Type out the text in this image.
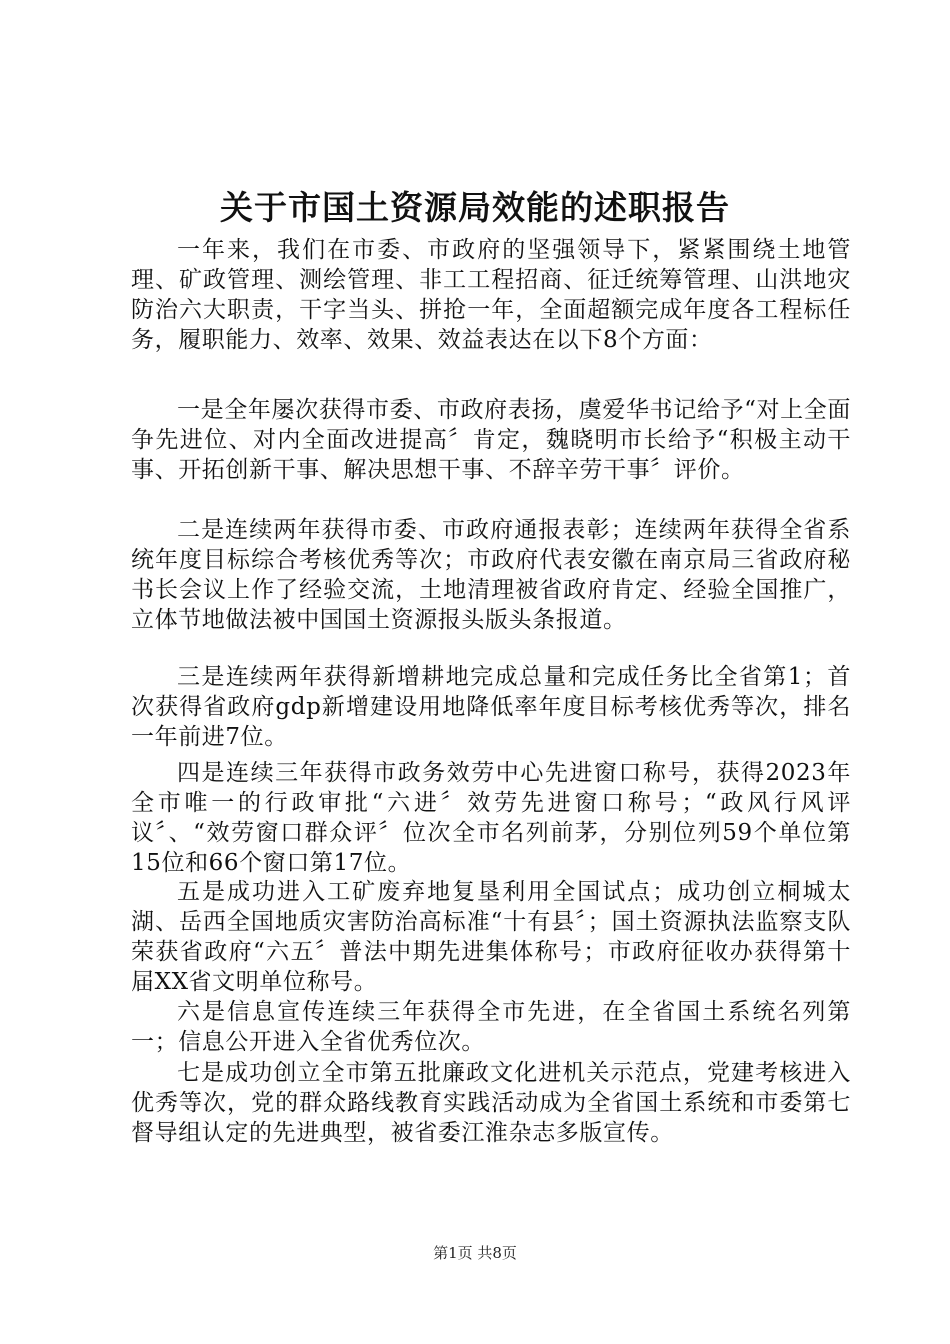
关于市国土资源局效能的述职报告

一年来，我们在市委、市政府的坚强领导下，紧紧围绕土地管理、矿政管理、测绘管理、非工工程招商、征迁统筹管理、山洪地灾防治六大职责，干字当头、拼抢一年，全面超额完成年度各工程标任务，履职能力、效率、效果、效益表达在以下8个方面：

一是全年屡次获得市委、市政府表扬，虞爱华书记给予“对上全面争先进位、对内全面改进提高〞肯定，魏晓明市长给予“积极主动干事、开拓创新干事、解决思想干事、不辞辛劳干事〞评价。

二是连续两年获得市委、市政府通报表彰；连续两年获得全省系统年度目标综合考核优秀等次；市政府代表安徽在南京局三省政府秘书长会议上作了经验交流，土地清理被省政府肯定、经验全国推广，立体节地做法被中国国土资源报头版头条报道。

三是连续两年获得新增耕地完成总量和完成任务比全省第1；首次获得省政府gdp新增建设用地降低率年度目标考核优秀等次，排名一年前进7位。

四是连续三年获得市政务效劳中心先进窗口称号，获得2023年全市唯一的行政审批“六进〞效劳先进窗口称号；“政风行风评议〞、“效劳窗口群众评〞位次全市名列前茅，分别位列59个单位第15位和66个窗口第17位。

五是成功进入工矿废弃地复垦利用全国试点；成功创立桐城太湖、岳西全国地质灾害防治高标准“十有县〞；国土资源执法监察支队荣获省政府“六五〞普法中期先进集体称号；市政府征收办获得第十届XX省文明单位称号。

六是信息宣传连续三年获得全市先进，在全省国土系统名列第一；信息公开进入全省优秀位次。

七是成功创立全市第五批廉政文化进机关示范点，党建考核进入优秀等次，党的群众路线教育实践活动成为全省国土系统和市委第七督导组认定的先进典型，被省委江淮杂志多版宣传。

第1页 共8页
